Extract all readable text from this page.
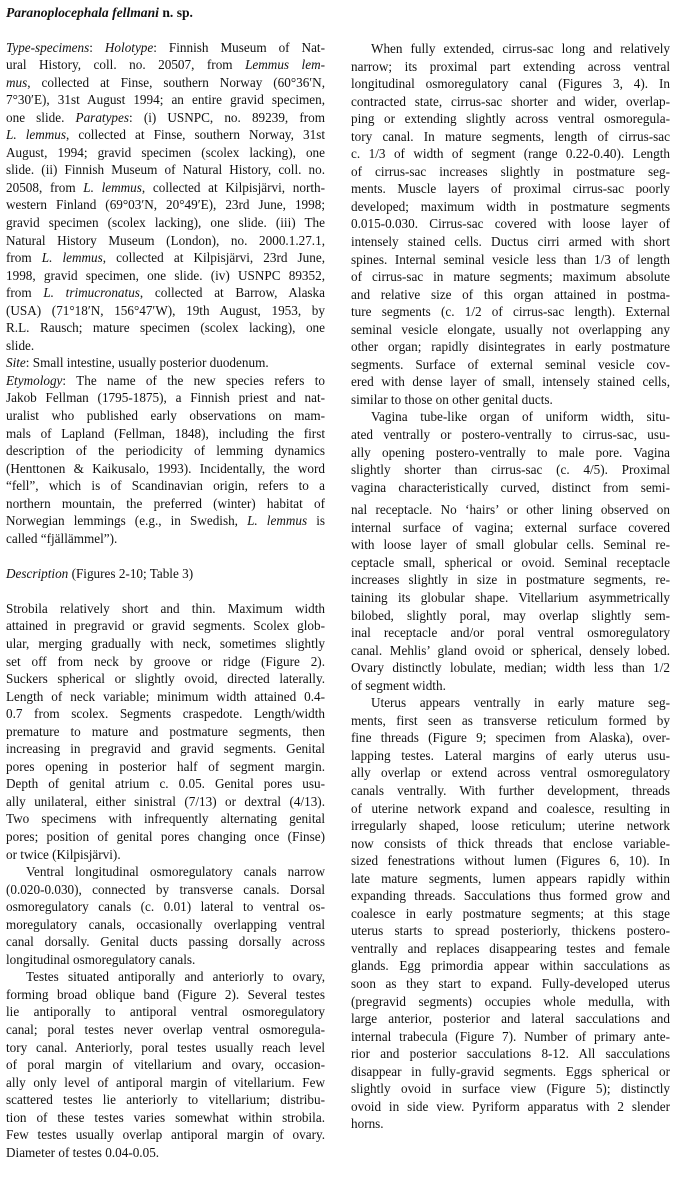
Paranoplocephala fellmani n. sp.
Type-specimens: Holotype: Finnish Museum of Nat-
ural History, coll. no. 20507, from Lemmus lem-
mus, collected at Finse, southern Norway (60°36′N,
7°30′E), 31st August 1994; an entire gravid specimen,
one slide. Paratypes: (i) USNPC, no. 89239, from
L. lemmus, collected at Finse, southern Norway, 31st
August, 1994; gravid specimen (scolex lacking), one
slide. (ii) Finnish Museum of Natural History, coll. no.
20508, from L. lemmus, collected at Kilpisjärvi, north-
western Finland (69°03′N, 20°49′E), 23rd June, 1998;
gravid specimen (scolex lacking), one slide. (iii) The
Natural History Museum (London), no. 2000.1.27.1,
from L. lemmus, collected at Kilpisjärvi, 23rd June,
1998, gravid specimen, one slide. (iv) USNPC 89352,
from L. trimucronatus, collected at Barrow, Alaska
(USA) (71°18′N, 156°47′W), 19th August, 1953, by
R.L. Rausch; mature specimen (scolex lacking), one
slide.
Site: Small intestine, usually posterior duodenum.
Etymology: The name of the new species refers to
Jakob Fellman (1795-1875), a Finnish priest and nat-
uralist who published early observations on mam-
mals of Lapland (Fellman, 1848), including the first
description of the periodicity of lemming dynamics
(Henttonen & Kaikusalo, 1993). Incidentally, the word
“fell”, which is of Scandinavian origin, refers to a
northern mountain, the preferred (winter) habitat of
Norwegian lemmings (e.g., in Swedish, L. lemmus is
called “fjällämmel”).
Description (Figures 2-10; Table 3)
Strobila relatively short and thin. Maximum width
attained in pregravid or gravid segments. Scolex glob-
ular, merging gradually with neck, sometimes slightly
set off from neck by groove or ridge (Figure 2).
Suckers spherical or slightly ovoid, directed laterally.
Length of neck variable; minimum width attained 0.4-
0.7 from scolex. Segments craspedote. Length/width
premature to mature and postmature segments, then
increasing in pregravid and gravid segments. Genital
pores opening in posterior half of segment margin.
Depth of genital atrium c. 0.05. Genital pores usu-
ally unilateral, either sinistral (7/13) or dextral (4/13).
Two specimens with infrequently alternating genital
pores; position of genital pores changing once (Finse)
or twice (Kilpisjärvi).
Ventral longitudinal osmoregulatory canals narrow
(0.020-0.030), connected by transverse canals. Dorsal
osmoregulatory canals (c. 0.01) lateral to ventral os-
moregulatory canals, occasionally overlapping ventral
canal dorsally. Genital ducts passing dorsally across
longitudinal osmoregulatory canals.
Testes situated antiporally and anteriorly to ovary,
forming broad oblique band (Figure 2). Several testes
lie antiporally to antiporal ventral osmoregulatory
canal; poral testes never overlap ventral osmoregula-
tory canal. Anteriorly, poral testes usually reach level
of poral margin of vitellarium and ovary, occasion-
ally only level of antiporal margin of vitellarium. Few
scattered testes lie anteriorly to vitellarium; distribu-
tion of these testes varies somewhat within strobila.
Few testes usually overlap antiporal margin of ovary.
Diameter of testes 0.04-0.05.
When fully extended, cirrus-sac long and relatively
narrow; its proximal part extending across ventral
longitudinal osmoregulatory canal (Figures 3, 4). In
contracted state, cirrus-sac shorter and wider, overlap-
ping or extending slightly across ventral osmoregula-
tory canal. In mature segments, length of cirrus-sac
c. 1/3 of width of segment (range 0.22-0.40). Length
of cirrus-sac increases slightly in postmature seg-
ments. Muscle layers of proximal cirrus-sac poorly
developed; maximum width in postmature segments
0.015-0.030. Cirrus-sac covered with loose layer of
intensely stained cells. Ductus cirri armed with short
spines. Internal seminal vesicle less than 1/3 of length
of cirrus-sac in mature segments; maximum absolute
and relative size of this organ attained in postma-
ture segments (c. 1/2 of cirrus-sac length). External
seminal vesicle elongate, usually not overlapping any
other organ; rapidly disintegrates in early postmature
segments. Surface of external seminal vesicle cov-
ered with dense layer of small, intensely stained cells,
similar to those on other genital ducts.
Vagina tube-like organ of uniform width, situ-
ated ventrally or postero-ventrally to cirrus-sac, usu-
ally opening postero-ventrally to male pore. Vagina
slightly shorter than cirrus-sac (c. 4/5). Proximal
vagina characteristically curved, distinct from semi-
nal receptacle. No ‘hairs’ or other lining observed on
internal surface of vagina; external surface covered
with loose layer of small globular cells. Seminal re-
ceptacle small, spherical or ovoid. Seminal receptacle
increases slightly in size in postmature segments, re-
taining its globular shape. Vitellarium asymmetrically
bilobed, slightly poral, may overlap slightly sem-
inal receptacle and/or poral ventral osmoregulatory
canal. Mehlis’ gland ovoid or spherical, densely lobed.
Ovary distinctly lobulate, median; width less than 1/2
of segment width.
Uterus appears ventrally in early mature seg-
ments, first seen as transverse reticulum formed by
fine threads (Figure 9; specimen from Alaska), over-
lapping testes. Lateral margins of early uterus usu-
ally overlap or extend across ventral osmoregulatory
canals ventrally. With further development, threads
of uterine network expand and coalesce, resulting in
irregularly shaped, loose reticulum; uterine network
now consists of thick threads that enclose variable-
sized fenestrations without lumen (Figures 6, 10). In
late mature segments, lumen appears rapidly within
expanding threads. Sacculations thus formed grow and
coalesce in early postmature segments; at this stage
uterus starts to spread posteriorly, thickens postero-
ventrally and replaces disappearing testes and female
glands. Egg primordia appear within sacculations as
soon as they start to expand. Fully-developed uterus
(pregravid segments) occupies whole medulla, with
large anterior, posterior and lateral sacculations and
internal trabecula (Figure 7). Number of primary ante-
rior and posterior sacculations 8-12. All sacculations
disappear in fully-gravid segments. Eggs spherical or
slightly ovoid in surface view (Figure 5); distinctly
ovoid in side view. Pyriform apparatus with 2 slender
horns.
